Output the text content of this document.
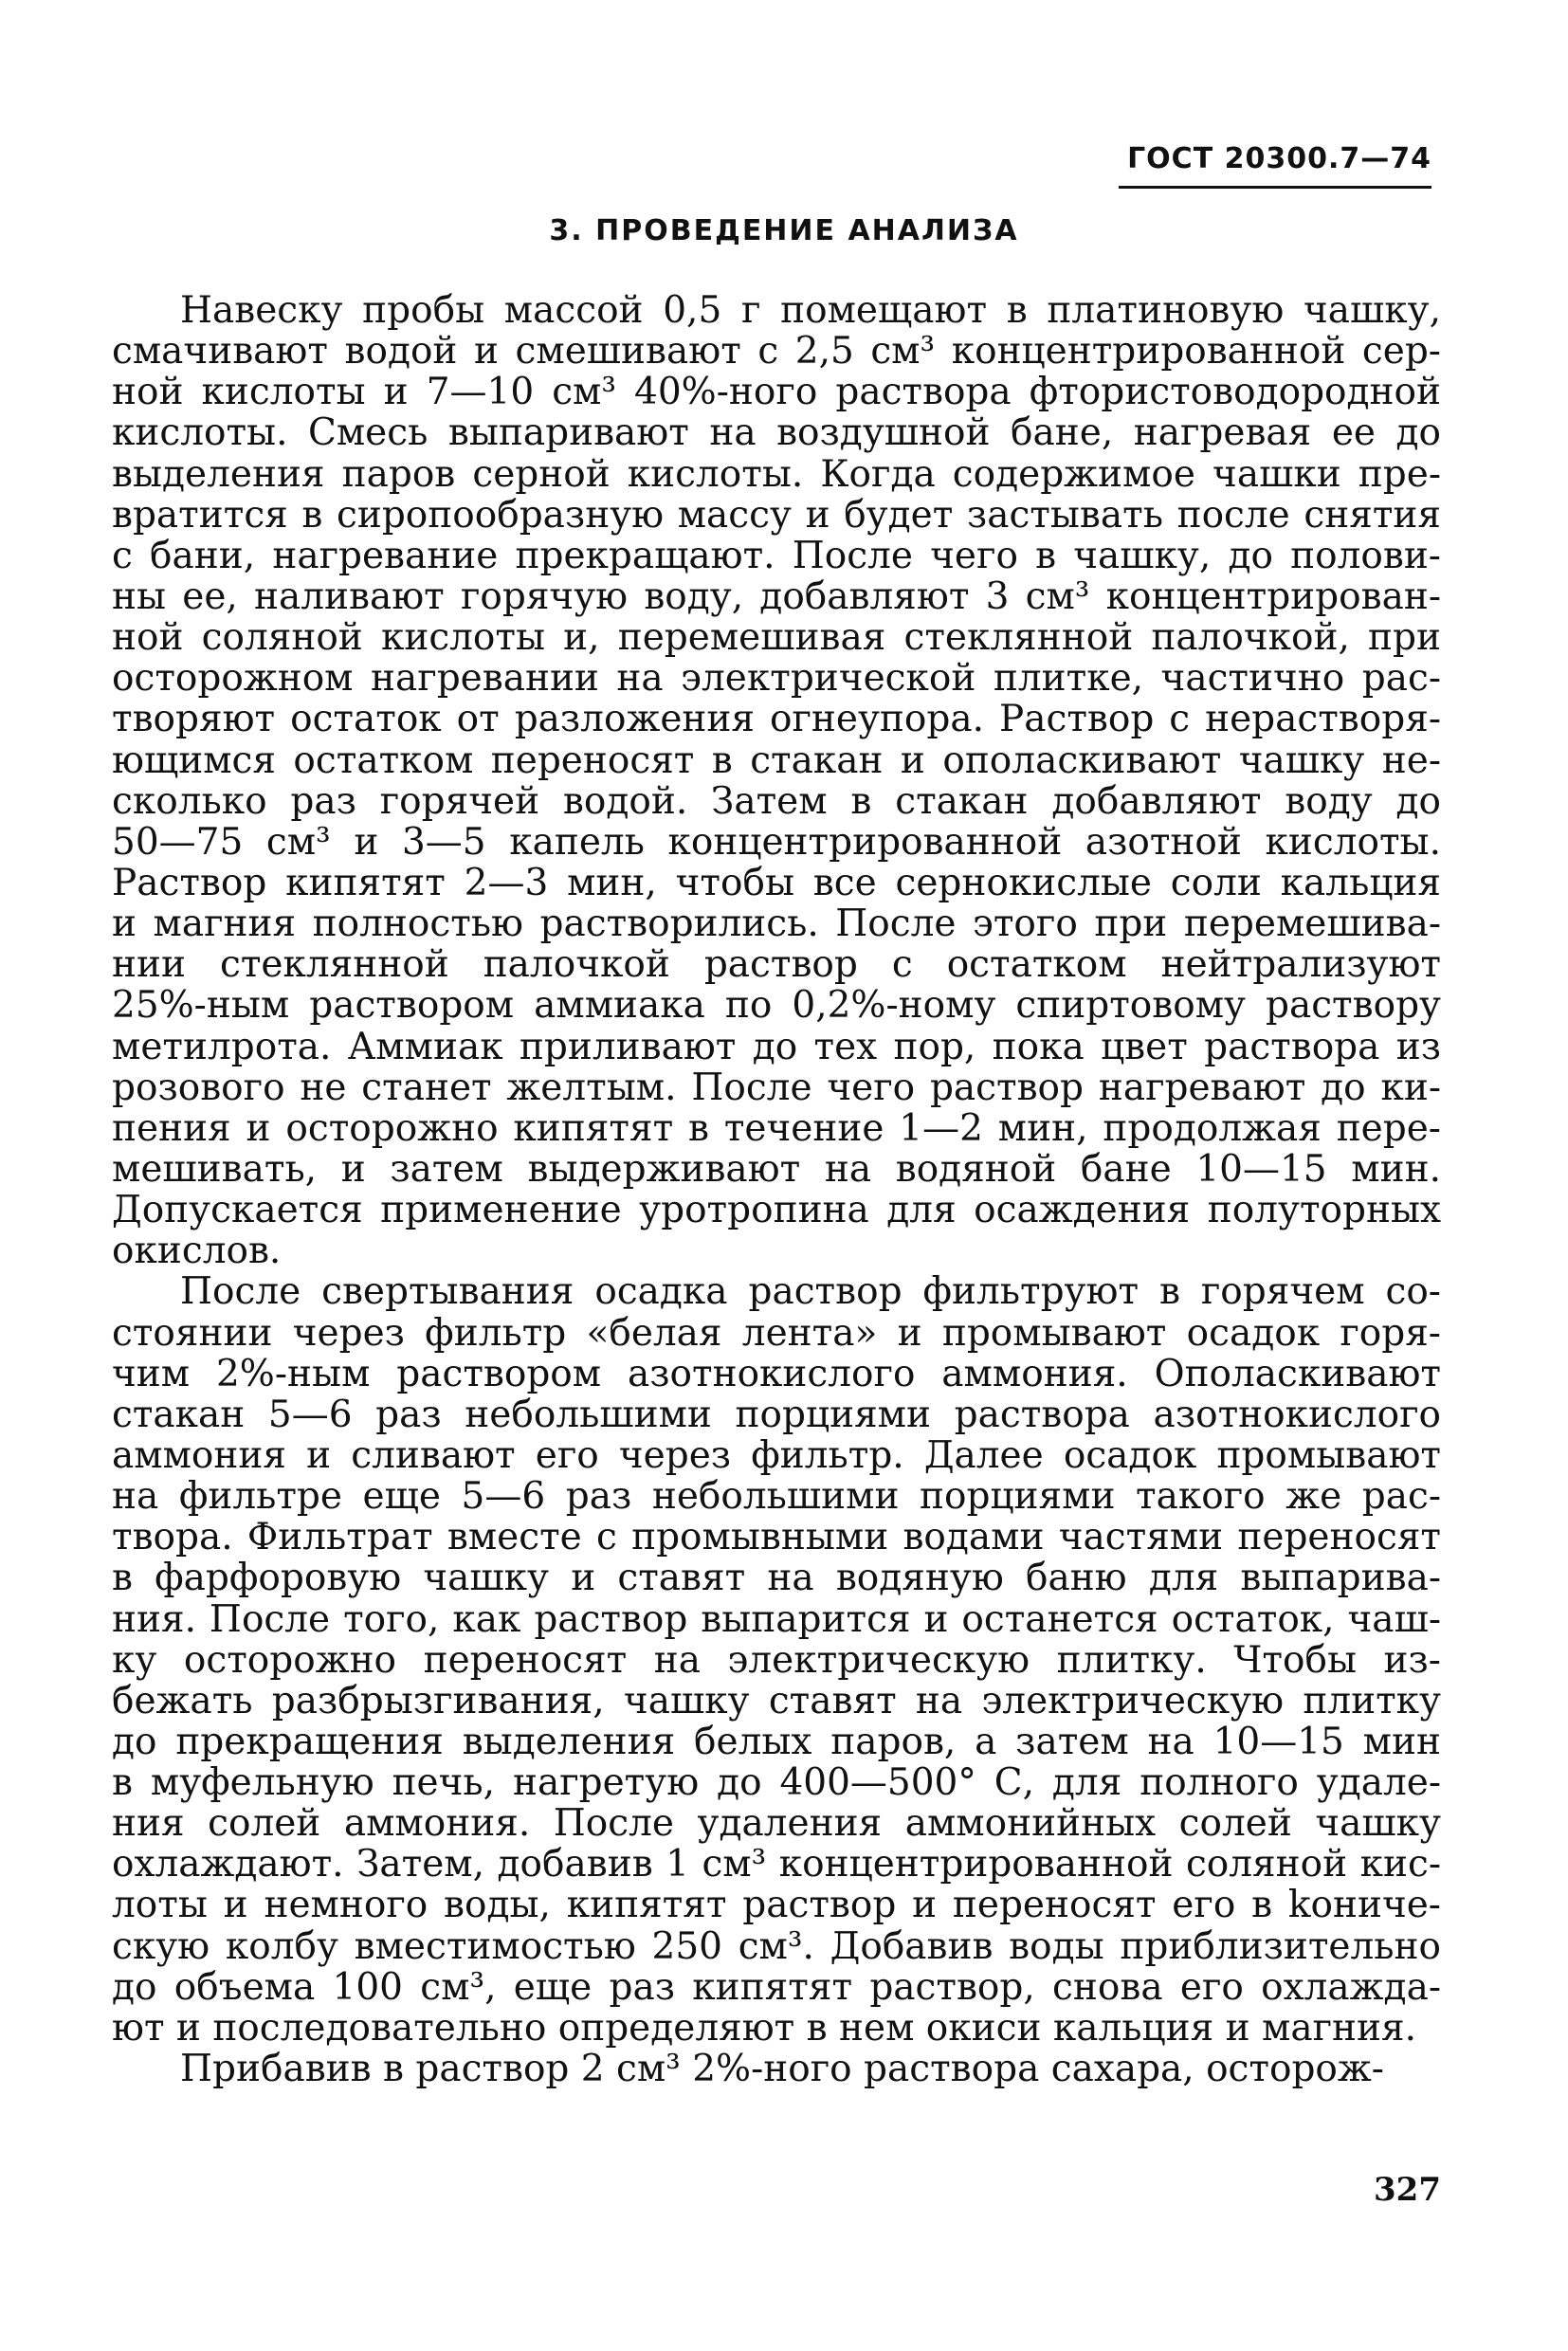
ГОСТ 20300.7—74
3. ПРОВЕДЕНИЕ АНАЛИЗА
Навеску пробы массой 0,5 г помещают в платиновую чашку,
смачивают водой и смешивают с 2,5 см³ концентрированной сер-
ной кислоты и 7—10 см³ 40%-ного раствора фтористоводородной
кислоты. Смесь выпаривают на воздушной бане, нагревая ее до
выделения паров серной кислоты. Когда содержимое чашки пре-
вратится в сиропообразную массу и будет застывать после снятия
с бани, нагревание прекращают. После чего в чашку, до полови-
ны ее, наливают горячую воду, добавляют 3 см³ концентрирован-
ной соляной кислоты и, перемешивая стеклянной палочкой, при
осторожном нагревании на электрической плитке, частично рас-
творяют остаток от разложения огнеупора. Раствор с нерастворя-
ющимся остатком переносят в стакан и ополаскивают чашку не-
сколько раз горячей водой. Затем в стакан добавляют воду до
50—75 см³ и 3—5 капель концентрированной азотной кислоты.
Раствор кипятят 2—3 мин, чтобы все сернокислые соли кальция
и магния полностью растворились. После этого при перемешива-
нии стеклянной палочкой раствор с остатком нейтрализуют
25%-ным раствором аммиака по 0,2%-ному спиртовому раствору
метилрота. Аммиак приливают до тех пор, пока цвет раствора из
розового не станет желтым. После чего раствор нагревают до ки-
пения и осторожно кипятят в течение 1—2 мин, продолжая пере-
мешивать, и затем выдерживают на водяной бане 10—15 мин.
Допускается применение уротропина для осаждения полуторных
окислов.
После свертывания осадка раствор фильтруют в горячем со-
стоянии через фильтр «белая лента» и промывают осадок горя-
чим 2%-ным раствором азотнокислого аммония. Ополаскивают
стакан 5—6 раз небольшими порциями раствора азотнокислого
аммония и сливают его через фильтр. Далее осадок промывают
на фильтре еще 5—6 раз небольшими порциями такого же рас-
твора. Фильтрат вместе с промывными водами частями переносят
в фарфоровую чашку и ставят на водяную баню для выпарива-
ния. После того, как раствор выпарится и останется остаток, чаш-
ку осторожно переносят на электрическую плитку. Чтобы из-
бежать разбрызгивания, чашку ставят на электрическую плитку
до прекращения выделения белых паров, а затем на 10—15 мин
в муфельную печь, нагретую до 400—500° С, для полного удале-
ния солей аммония. После удаления аммонийных солей чашку
охлаждают. Затем, добавив 1 см³ концентрированной соляной кис-
лоты и немного воды, кипятят раствор и переносят его в koниче-
скую колбу вместимостью 250 см³. Добавив воды приблизительно
до объема 100 см³, еще раз кипятят раствор, снова его охлажда-
ют и последовательно определяют в нем окиси кальция и магния.
Прибавив в раствор 2 см³ 2%-ного раствора сахара, осторож-
327
